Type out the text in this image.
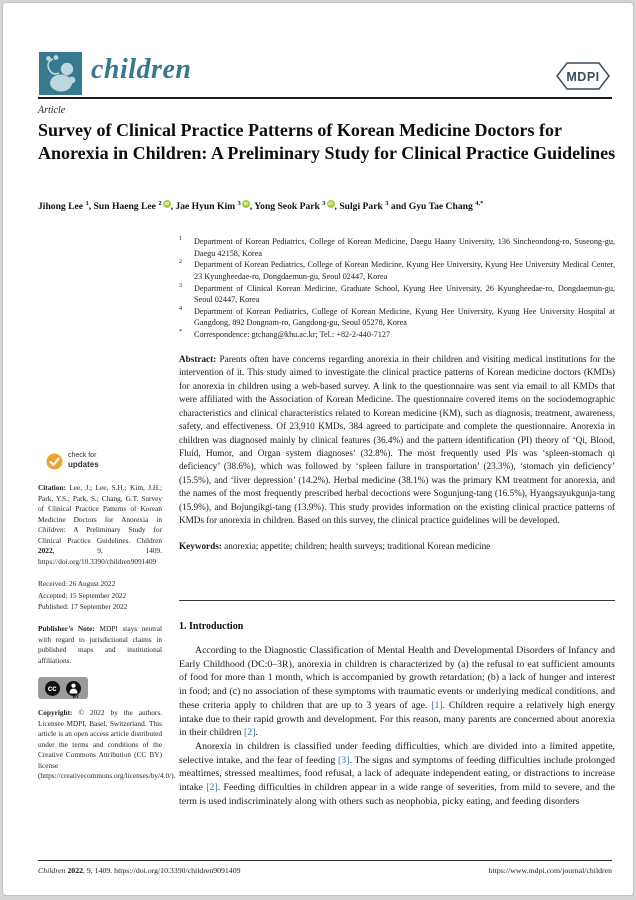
children	MDPI
Article
Survey of Clinical Practice Patterns of Korean Medicine Doctors for Anorexia in Children: A Preliminary Study for Clinical Practice Guidelines
Jihong Lee $^1$, Sun Haeng Lee $^2$ iD , Jae Hyun Kim $^3$ iD , Yong Seok Park $^3$ iD , Sulgi Park $^3$ and Gyu Tae Chang $^{4,*}$
1	Department of Korean Pediatrics, College of Korean Medicine, Daegu Haany University, 136 Sincheondong-ro, Suseong-gu, Daegu 42158, Korea
2	Department of Korean Pediatrics, College of Korean Medicine, Kyung Hee University, Kyung Hee University Medical Center, 23 Kyungheedae-ro, Dongdaemun-gu, Seoul 02447, Korea
3	Department of Clinical Korean Medicine, Graduate School, Kyung Hee University, 26 Kyungheedae-ro, Dongdaemun-gu, Seoul 02447, Korea
4	Department of Korean Pediatrics, College of Korean Medicine, Kyung Hee University, Kyung Hee University Hospital at Gangdong, 892 Dongnam-ro, Gangdong-gu, Seoul 05278, Korea
*	Correspondence: gtchang@khu.ac.kr; Tel.: +82-2-440-7127
Abstract: Parents often have concerns regarding anorexia in their children and visiting medical institutions for the intervention of it. This study aimed to investigate the clinical practice patterns of Korean medicine doctors (KMDs) for anorexia in children using a web-based survey. A link to the questionnaire was sent via email to all KMDs that were affiliated with the Association of Korean Medicine. The questionnaire covered items on the sociodemographic characteristics and clinical characteristics related to Korean medicine (KM), such as diagnosis, treatment, awareness, safety, and effectiveness. Of 23,910 KMDs, 384 agreed to participate and complete the questionnaire. Anorexia in children was diagnosed mainly by clinical features (36.4%) and the pattern identification (PI) theory of ‘Qi, Blood, Fluid, Humor, and Organ system diagnoses’ (32.8%). The most frequently used PIs was ‘spleen-stomach qi deficiency’ (38.6%), which was followed by ‘spleen failure in transportation’ (23.3%), ‘stomach yin deficiency’ (15.5%), and ‘liver depression’ (14.2%). Herbal medicine (38.1%) was the primary KM treatment for anorexia, and the names of the most frequently prescribed herbal decoctions were Sogunjung-tang (16.5%), Hyangsayukgunja-tang (15.9%), and Bojungikgi-tang (13.9%). This study provides information on the existing clinical practice patterns of KMDs for anorexia in children. Based on this survey, the clinical practice guidelines will be developed.
Keywords: anorexia; appetite; children; health surveys; traditional Korean medicine
1. Introduction

According to the Diagnostic Classification of Mental Health and Developmental Disorders of Infancy and Early Childhood (DC:0–3R), anorexia in children is characterized by (a) the refusal to eat sufficient amounts of food for more than 1 month, which is accompanied by growth retardation; (b) a lack of hunger and interest in food; and (c) no association of these symptoms with traumatic events or underlying medical conditions, and these criteria apply to children that are up to 3 years of age. [1]. Children require a relatively high energy intake due to their rapid growth and development. For this reason, many parents are concerned about anorexia in their children [2].

Anorexia in children is classified under feeding difficulties, which are divided into a limited appetite, selective intake, and the fear of feeding [3]. The signs and symptoms of feeding difficulties include prolonged mealtimes, stressed mealtimes, food refusal, a lack of adequate independent eating, or distractions to increase intake [2]. Feeding difficulties in children appear in a wide range of severities, from mild to severe, and the term is used indiscriminately along with others such as neophobia, picky eating, and feeding disorders

check for
updates
Citation: Lee, J.; Lee, S.H.; Kim, J.H.; Park, Y.S.; Park, S.; Chang, G.T. Survey of Clinical Practice Patterns of Korean Medicine Doctors for Anorexia in Children: A Preliminary Study for Clinical Practice Guidelines. Children 2022, 9, 1409. https://doi.org/10.3390/children9091409
Received: 26 August 2022
Accepted: 15 September 2022
Published: 17 September 2022
Publisher’s Note: MDPI stays neutral with regard to jurisdictional claims in published maps and institutional affiliations.
cc
BY
Copyright: © 2022 by the authors. Licensee MDPI, Basel, Switzerland. This article is an open access article distributed under the terms and conditions of the Creative Commons Attribution (CC BY) license (https://creativecommons.org/licenses/by/4.0/).
Children 2022, 9, 1409. https://doi.org/10.3390/children9091409	https://www.mdpi.com/journal/children
